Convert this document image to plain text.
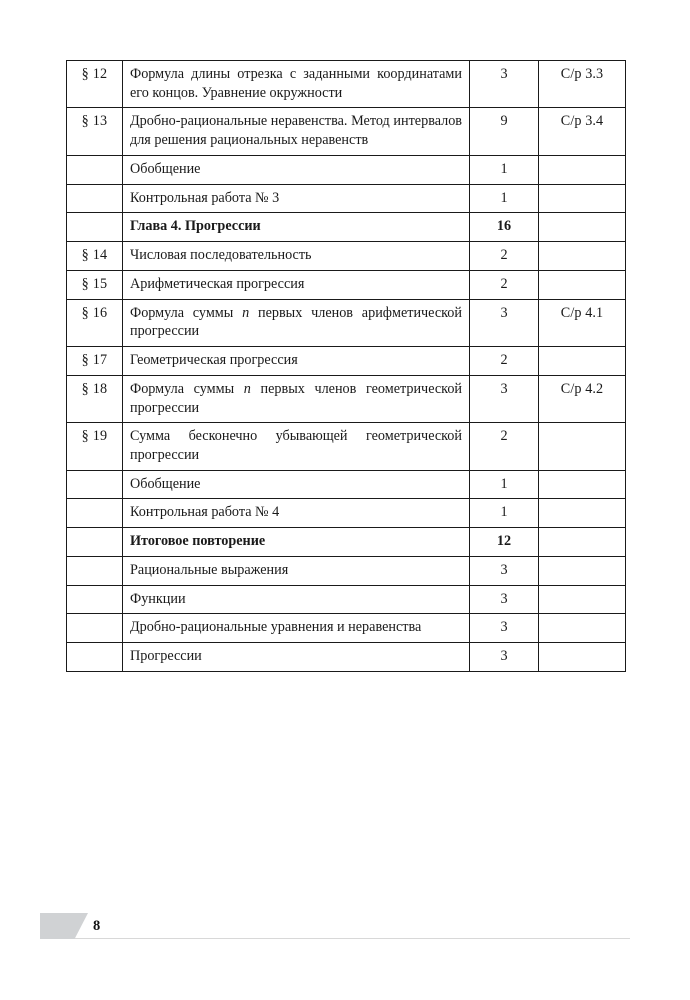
§ 12	Формула длины отрезка с заданными координатами его концов. Уравнение окружности	3	С/р 3.3
§ 13	Дробно-рациональные неравенства. Метод интервалов для решения рациональных неравенств	9	С/р 3.4
	Обобщение	1	
	Контрольная работа № 3	1	
	Глава 4. Прогрессии	16	
§ 14	Числовая последовательность	2	
§ 15	Арифметическая прогрессия	2	
§ 16	Формула суммы n первых членов арифметической прогрессии	3	С/р 4.1
§ 17	Геометрическая прогрессия	2	
§ 18	Формула суммы n первых членов геометрической прогрессии	3	С/р 4.2
§ 19	Сумма бесконечно убывающей геометрической прогрессии	2	
	Обобщение	1	
	Контрольная работа № 4	1	
	Итоговое повторение	12	
	Рациональные выражения	3	
	Функции	3	
	Дробно-рациональные уравнения и неравенства	3	
	Прогрессии	3	
8
